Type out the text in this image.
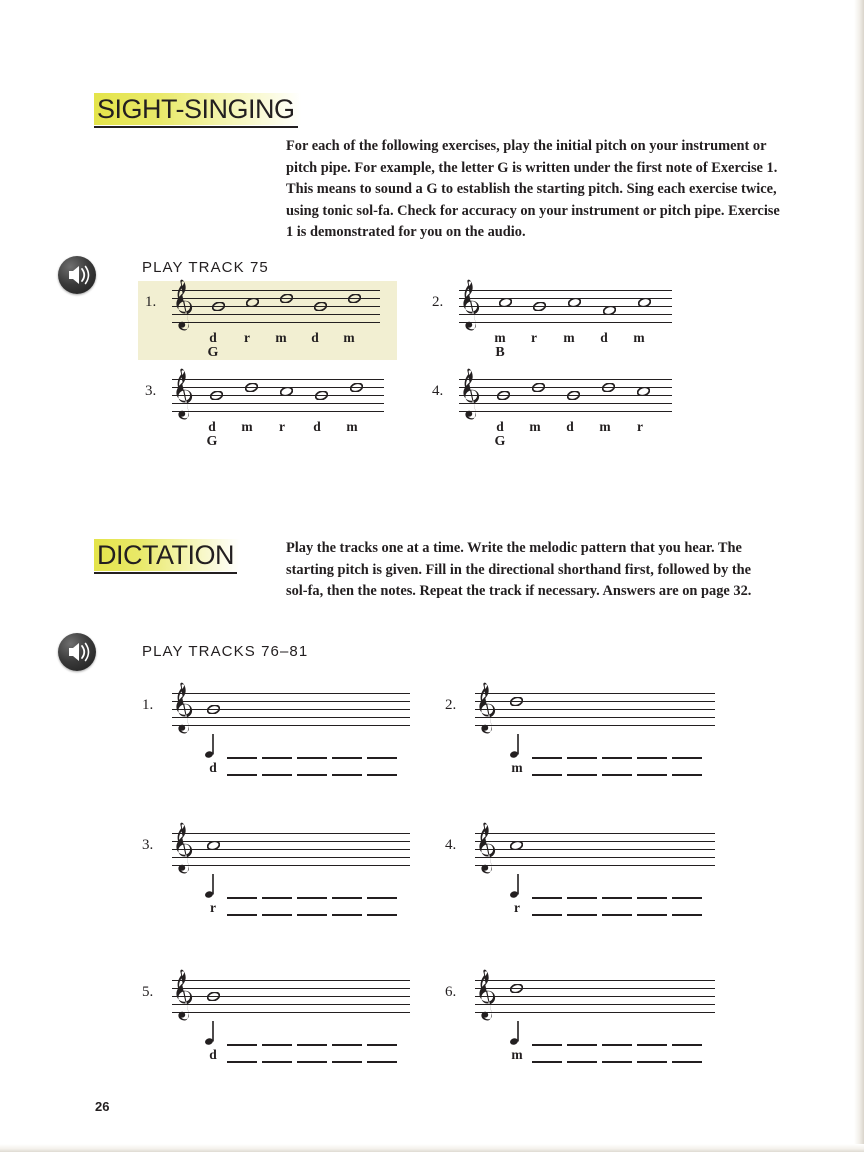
SIGHT-SINGING
For each of the following exercises, play the initial pitch on your instrument or pitch pipe. For example, the letter G is written under the first note of Exercise 1. This means to sound a G to establish the starting pitch. Sing each exercise twice, using tonic sol-fa. Check for accuracy on your instrument or pitch pipe. Exercise 1 is demonstrated for you on the audio.
PLAY TRACK 75
1.
d	r	m	d	m
G
2.
m	r	m	d	m
B
3.
d	m	r	d	m
G
4.
d	m	d	m	r
G
DICTATION	Play the tracks one at a time. Write the melodic pattern that you hear. The starting pitch is given. Fill in the directional shorthand first, followed by the sol-fa, then the notes. Repeat the track if necessary. Answers are on page 32.
PLAY TRACKS 76–81
1.
d
2.
m
3.
r
4.
r
5.
d
6.
m
26
